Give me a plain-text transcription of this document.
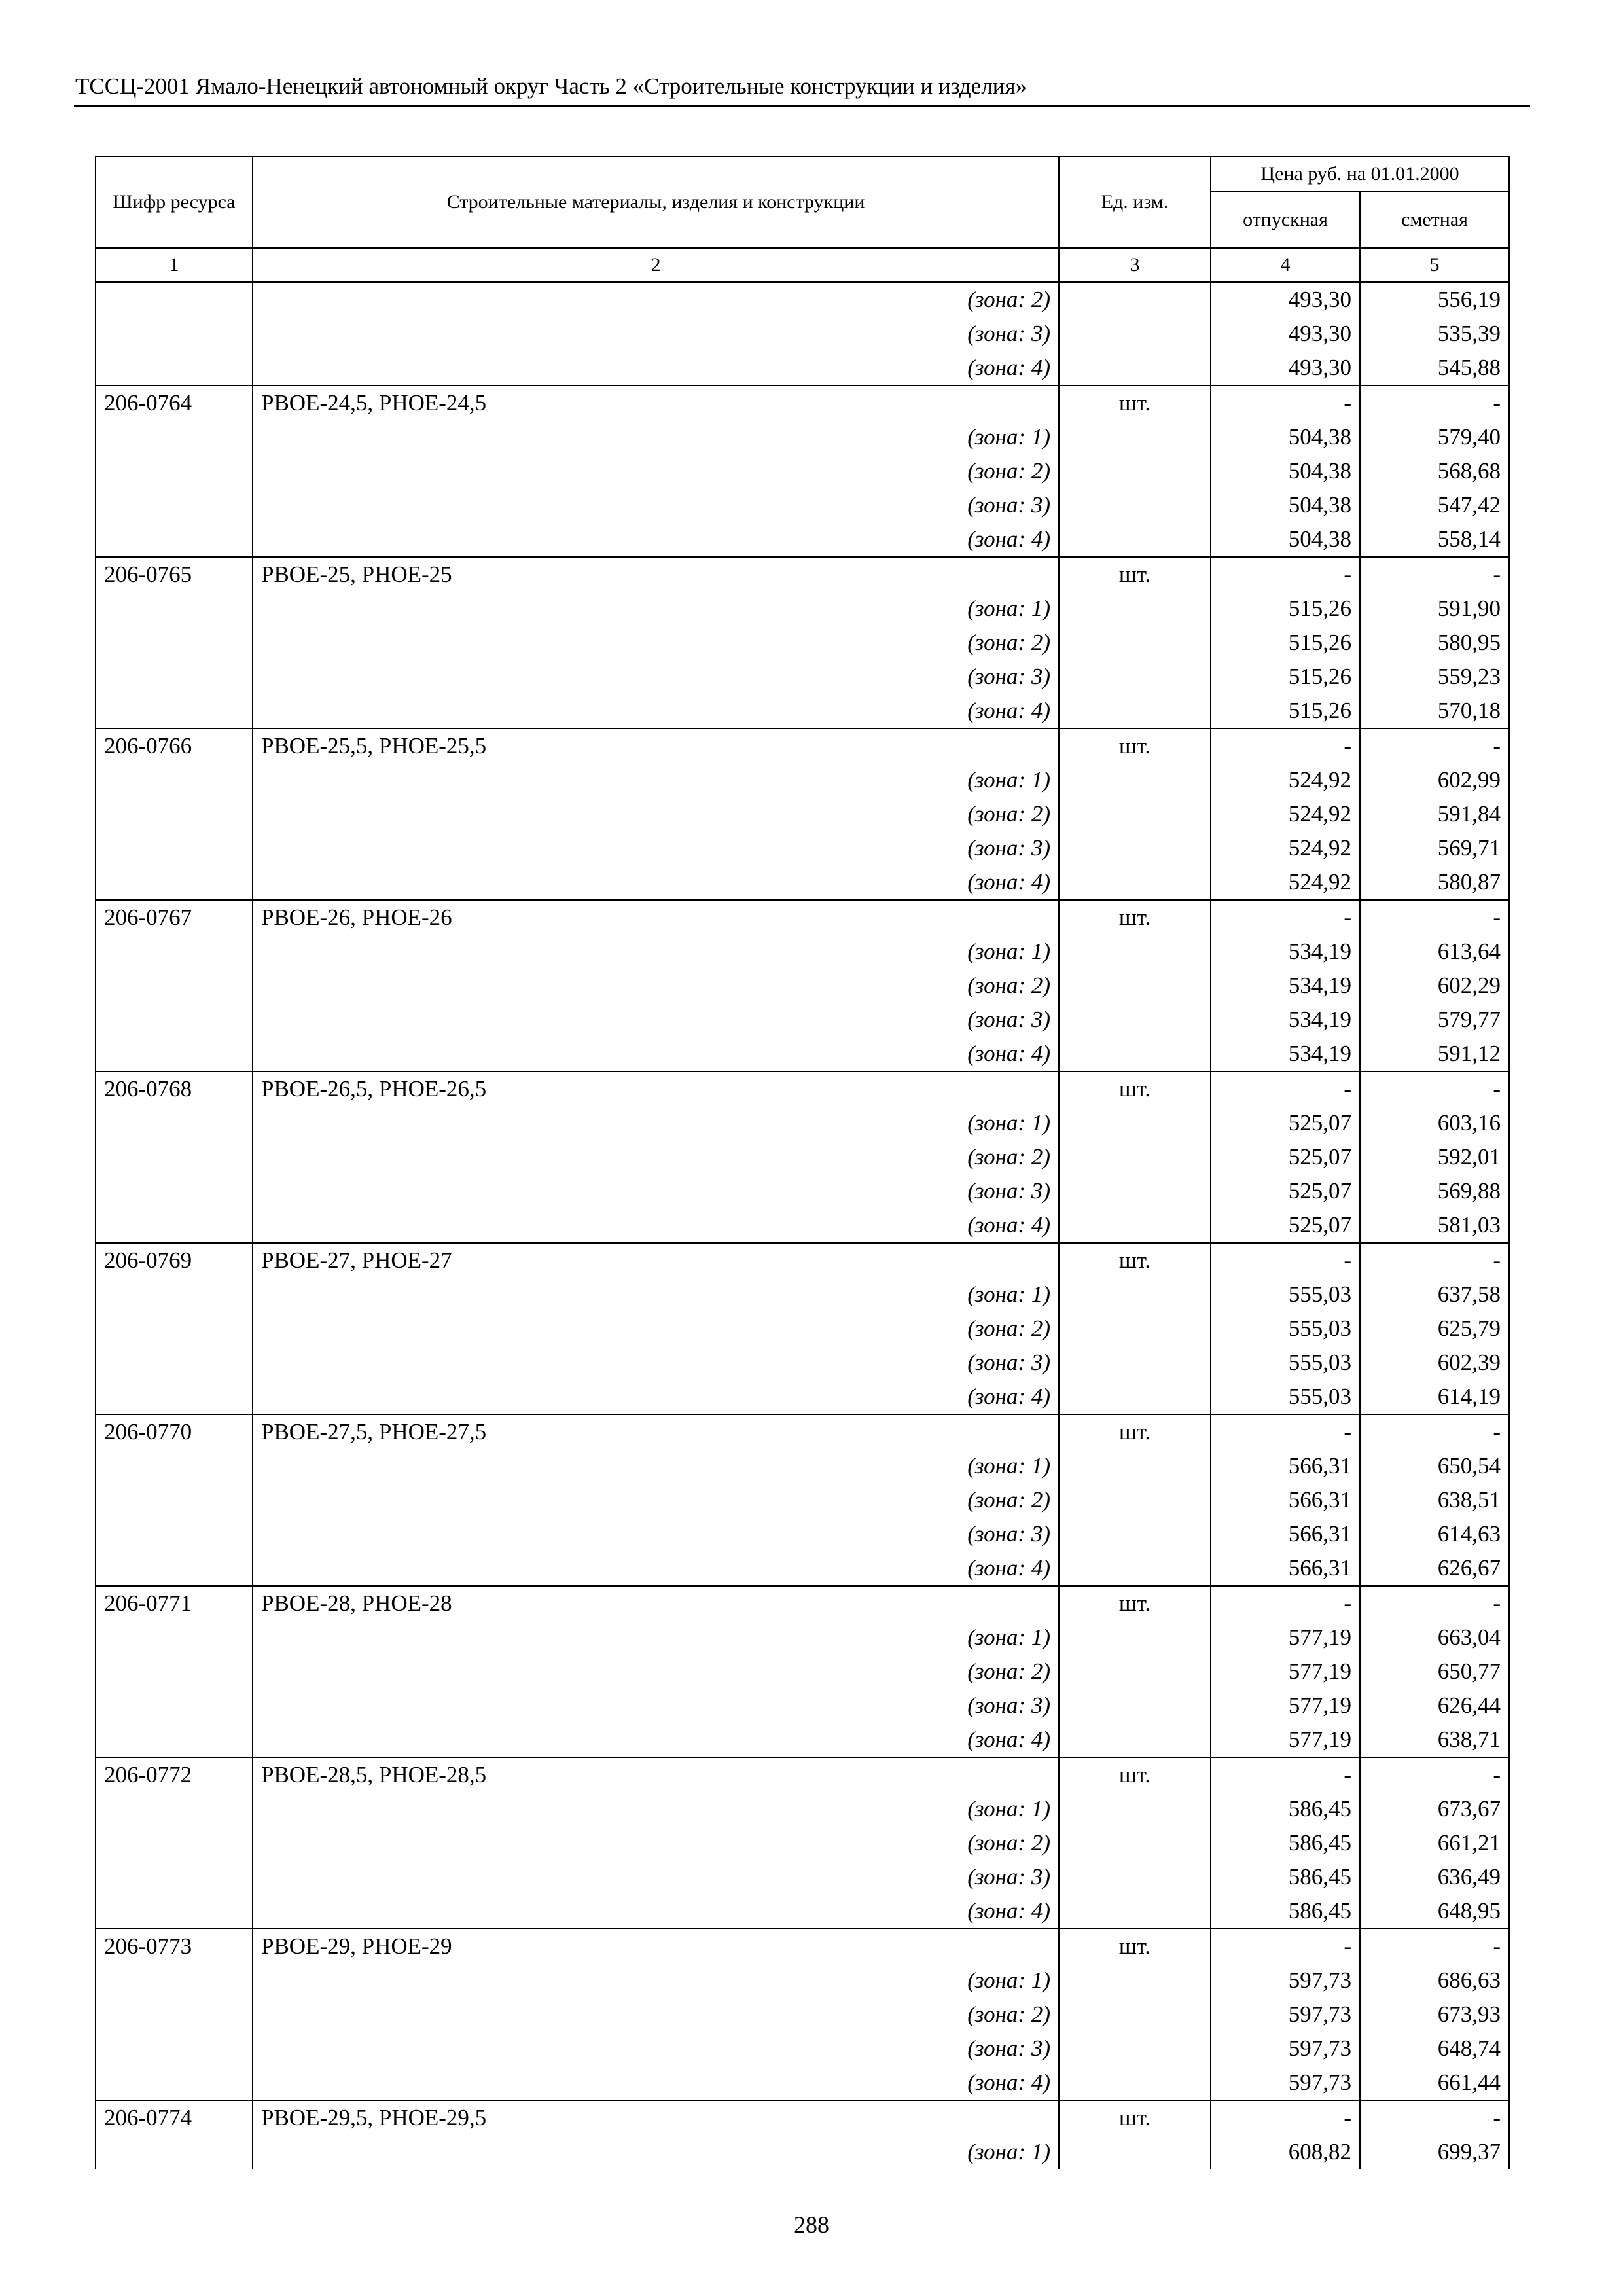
ТССЦ-2001 Ямало-Ненецкий автономный округ Часть 2 «Строительные конструкции и изделия»
Шифр ресурса	Строительные материалы, изделия и конструкции	Ед. изм.	Цена руб. на 01.01.2000	
			отпускная	сметная
1	2	3	4	5
	(зона: 2)		493,30	556,19
	(зона: 3)		493,30	535,39
	(зона: 4)		493,30	545,88
206-0764	РВОЕ-24,5, РНОЕ-24,5	шт.	-	-
	(зона: 1)		504,38	579,40
	(зона: 2)		504,38	568,68
	(зона: 3)		504,38	547,42
	(зона: 4)		504,38	558,14
206-0765	РВОЕ-25, РНОЕ-25	шт.	-	-
	(зона: 1)		515,26	591,90
	(зона: 2)		515,26	580,95
	(зона: 3)		515,26	559,23
	(зона: 4)		515,26	570,18
206-0766	РВОЕ-25,5, РНОЕ-25,5	шт.	-	-
	(зона: 1)		524,92	602,99
	(зона: 2)		524,92	591,84
	(зона: 3)		524,92	569,71
	(зона: 4)		524,92	580,87
206-0767	РВОЕ-26, РНОЕ-26	шт.	-	-
	(зона: 1)		534,19	613,64
	(зона: 2)		534,19	602,29
	(зона: 3)		534,19	579,77
	(зона: 4)		534,19	591,12
206-0768	РВОЕ-26,5, РНОЕ-26,5	шт.	-	-
	(зона: 1)		525,07	603,16
	(зона: 2)		525,07	592,01
	(зона: 3)		525,07	569,88
	(зона: 4)		525,07	581,03
206-0769	РВОЕ-27, РНОЕ-27	шт.	-	-
	(зона: 1)		555,03	637,58
	(зона: 2)		555,03	625,79
	(зона: 3)		555,03	602,39
	(зона: 4)		555,03	614,19
206-0770	РВОЕ-27,5, РНОЕ-27,5	шт.	-	-
	(зона: 1)		566,31	650,54
	(зона: 2)		566,31	638,51
	(зона: 3)		566,31	614,63
	(зона: 4)		566,31	626,67
206-0771	РВОЕ-28, РНОЕ-28	шт.	-	-
	(зона: 1)		577,19	663,04
	(зона: 2)		577,19	650,77
	(зона: 3)		577,19	626,44
	(зона: 4)		577,19	638,71
206-0772	РВОЕ-28,5, РНОЕ-28,5	шт.	-	-
	(зона: 1)		586,45	673,67
	(зона: 2)		586,45	661,21
	(зона: 3)		586,45	636,49
	(зона: 4)		586,45	648,95
206-0773	РВОЕ-29, РНОЕ-29	шт.	-	-
	(зона: 1)		597,73	686,63
	(зона: 2)		597,73	673,93
	(зона: 3)		597,73	648,74
	(зона: 4)		597,73	661,44
206-0774	РВОЕ-29,5, РНОЕ-29,5	шт.	-	-
	(зона: 1)		608,82	699,37
288
